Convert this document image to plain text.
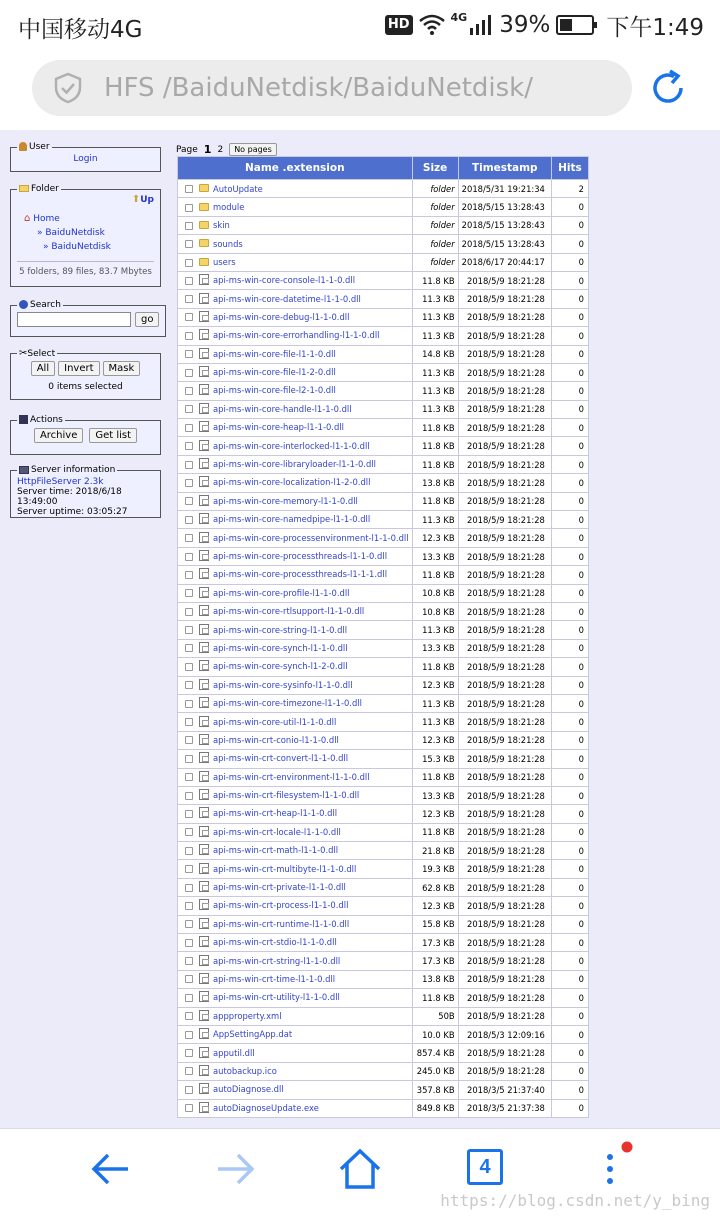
中国移动4G	HD	4G 39% 下午1:49
HFS /BaiduNetdisk/BaiduNetdisk/
User
Login
Folder
⬆Up
⌂ Home
» BaiduNetdisk
» BaiduNetdisk
5 folders, 89 files, 83.7 Mbytes
Search
go
✂Select
All	Invert	Mask
0 items selected
Actions
Archive	Get list
Server information
HttpFileServer 2.3k
Server time: 2018/6/18 13:49:00
Server uptime: 03:05:27
Page 1 2	No pages
Name .extension	Size	Timestamp	Hits
AutoUpdate	folder	2018/5/31 19:21:34	2
module	folder	2018/5/15 13:28:43	0
skin	folder	2018/5/15 13:28:43	0
sounds	folder	2018/5/15 13:28:43	0
users	folder	2018/6/17 20:44:17	0
api-ms-win-core-console-l1-1-0.dll	11.8 KB	2018/5/9 18:21:28	0
api-ms-win-core-datetime-l1-1-0.dll	11.3 KB	2018/5/9 18:21:28	0
api-ms-win-core-debug-l1-1-0.dll	11.3 KB	2018/5/9 18:21:28	0
api-ms-win-core-errorhandling-l1-1-0.dll	11.3 KB	2018/5/9 18:21:28	0
api-ms-win-core-file-l1-1-0.dll	14.8 KB	2018/5/9 18:21:28	0
api-ms-win-core-file-l1-2-0.dll	11.3 KB	2018/5/9 18:21:28	0
api-ms-win-core-file-l2-1-0.dll	11.3 KB	2018/5/9 18:21:28	0
api-ms-win-core-handle-l1-1-0.dll	11.3 KB	2018/5/9 18:21:28	0
api-ms-win-core-heap-l1-1-0.dll	11.8 KB	2018/5/9 18:21:28	0
api-ms-win-core-interlocked-l1-1-0.dll	11.8 KB	2018/5/9 18:21:28	0
api-ms-win-core-libraryloader-l1-1-0.dll	11.8 KB	2018/5/9 18:21:28	0
api-ms-win-core-localization-l1-2-0.dll	13.8 KB	2018/5/9 18:21:28	0
api-ms-win-core-memory-l1-1-0.dll	11.8 KB	2018/5/9 18:21:28	0
api-ms-win-core-namedpipe-l1-1-0.dll	11.3 KB	2018/5/9 18:21:28	0
api-ms-win-core-processenvironment-l1-1-0.dll	12.3 KB	2018/5/9 18:21:28	0
api-ms-win-core-processthreads-l1-1-0.dll	13.3 KB	2018/5/9 18:21:28	0
api-ms-win-core-processthreads-l1-1-1.dll	11.8 KB	2018/5/9 18:21:28	0
api-ms-win-core-profile-l1-1-0.dll	10.8 KB	2018/5/9 18:21:28	0
api-ms-win-core-rtlsupport-l1-1-0.dll	10.8 KB	2018/5/9 18:21:28	0
api-ms-win-core-string-l1-1-0.dll	11.3 KB	2018/5/9 18:21:28	0
api-ms-win-core-synch-l1-1-0.dll	13.3 KB	2018/5/9 18:21:28	0
api-ms-win-core-synch-l1-2-0.dll	11.8 KB	2018/5/9 18:21:28	0
api-ms-win-core-sysinfo-l1-1-0.dll	12.3 KB	2018/5/9 18:21:28	0
api-ms-win-core-timezone-l1-1-0.dll	11.3 KB	2018/5/9 18:21:28	0
api-ms-win-core-util-l1-1-0.dll	11.3 KB	2018/5/9 18:21:28	0
api-ms-win-crt-conio-l1-1-0.dll	12.3 KB	2018/5/9 18:21:28	0
api-ms-win-crt-convert-l1-1-0.dll	15.3 KB	2018/5/9 18:21:28	0
api-ms-win-crt-environment-l1-1-0.dll	11.8 KB	2018/5/9 18:21:28	0
api-ms-win-crt-filesystem-l1-1-0.dll	13.3 KB	2018/5/9 18:21:28	0
api-ms-win-crt-heap-l1-1-0.dll	12.3 KB	2018/5/9 18:21:28	0
api-ms-win-crt-locale-l1-1-0.dll	11.8 KB	2018/5/9 18:21:28	0
api-ms-win-crt-math-l1-1-0.dll	21.8 KB	2018/5/9 18:21:28	0
api-ms-win-crt-multibyte-l1-1-0.dll	19.3 KB	2018/5/9 18:21:28	0
api-ms-win-crt-private-l1-1-0.dll	62.8 KB	2018/5/9 18:21:28	0
api-ms-win-crt-process-l1-1-0.dll	12.3 KB	2018/5/9 18:21:28	0
api-ms-win-crt-runtime-l1-1-0.dll	15.8 KB	2018/5/9 18:21:28	0
api-ms-win-crt-stdio-l1-1-0.dll	17.3 KB	2018/5/9 18:21:28	0
api-ms-win-crt-string-l1-1-0.dll	17.3 KB	2018/5/9 18:21:28	0
api-ms-win-crt-time-l1-1-0.dll	13.8 KB	2018/5/9 18:21:28	0
api-ms-win-crt-utility-l1-1-0.dll	11.8 KB	2018/5/9 18:21:28	0
appproperty.xml	50B	2018/5/9 18:21:28	0
AppSettingApp.dat	10.0 KB	2018/5/3 12:09:16	0
apputil.dll	857.4 KB	2018/5/9 18:21:28	0
autobackup.ico	245.0 KB	2018/5/9 18:21:28	0
autoDiagnose.dll	357.8 KB	2018/3/5 21:37:40	0
autoDiagnoseUpdate.exe	849.8 KB	2018/3/5 21:37:38	0
4
https://blog.csdn.net/y_bing
